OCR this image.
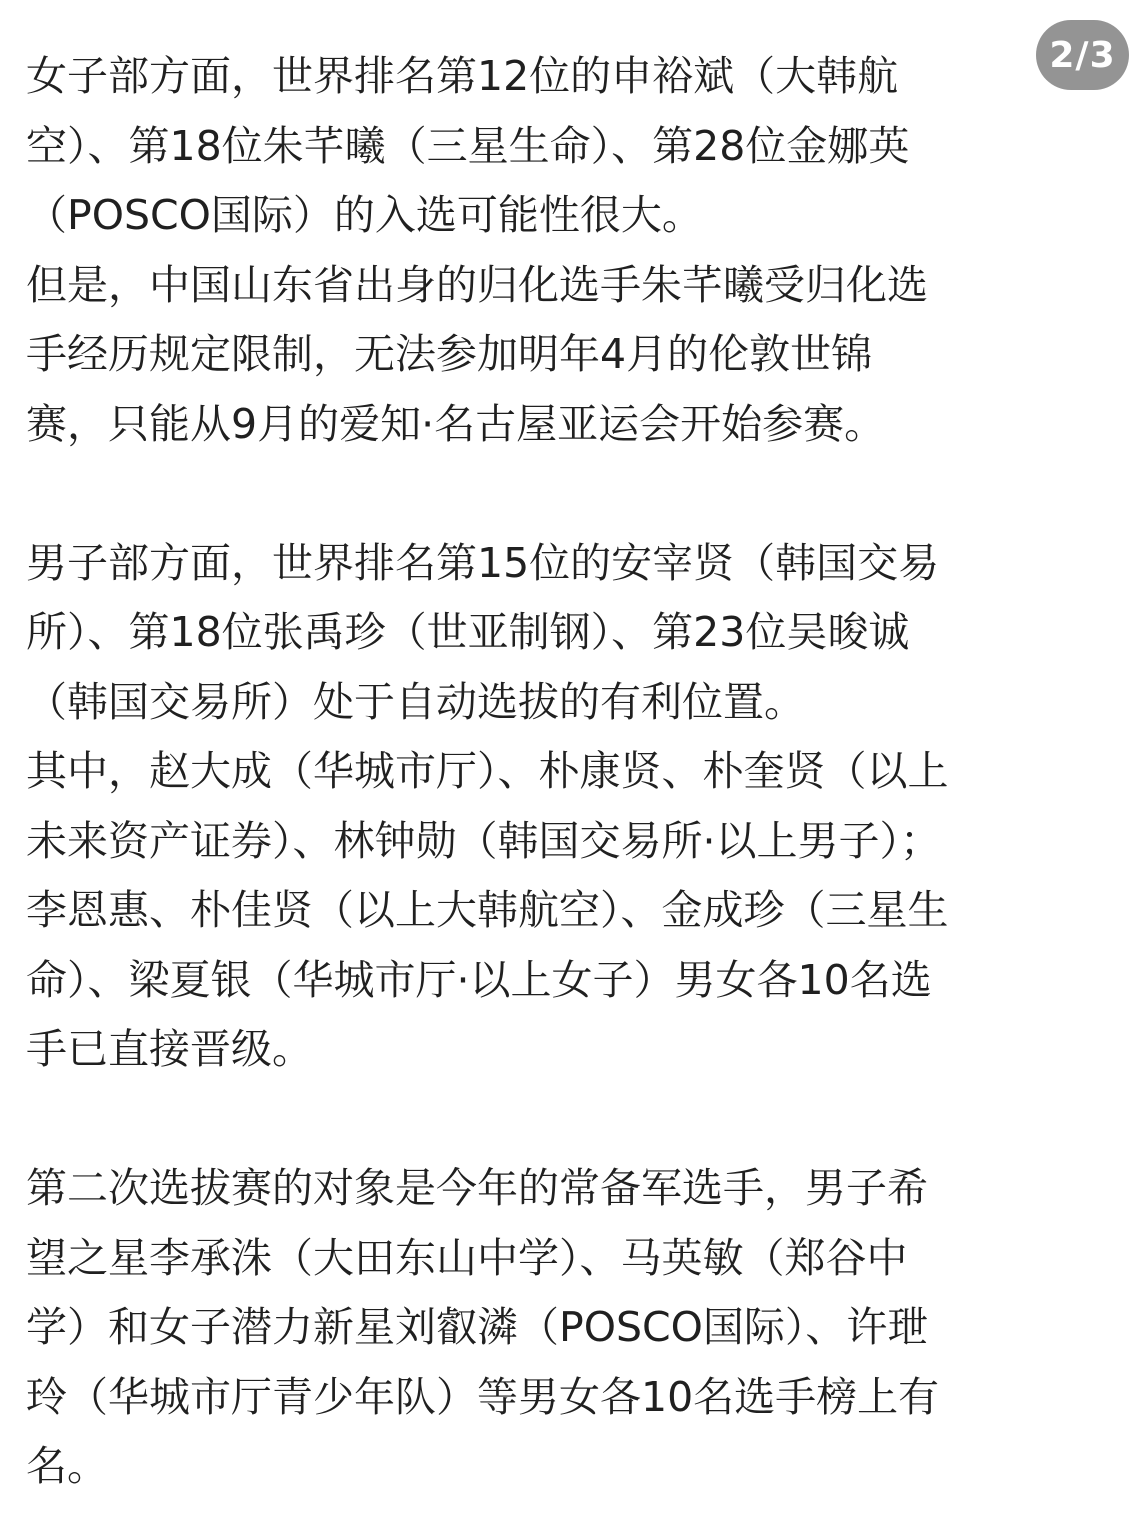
女子部方面，世界排名第12位的申裕斌（大韩航
空）、第18位朱芊曦（三星生命）、第28位金娜英
（POSCO国际）的入选可能性很大。
但是，中国山东省出身的归化选手朱芊曦受归化选
手经历规定限制，无法参加明年4月的伦敦世锦
赛，只能从9月的爱知·名古屋亚运会开始参赛。
男子部方面，世界排名第15位的安宰贤（韩国交易
所）、第18位张禹珍（世亚制钢）、第23位吴晙诚
（韩国交易所）处于自动选拔的有利位置。
其中，赵大成（华城市厅）、朴康贤、朴奎贤（以上
未来资产证券）、林钟勋（韩国交易所·以上男子）；
李恩惠、朴佳贤（以上大韩航空）、金成珍（三星生
命）、梁夏银（华城市厅·以上女子）男女各10名选
手已直接晋级。
第二次选拔赛的对象是今年的常备军选手，男子希
望之星李承洙（大田东山中学）、马英敏（郑谷中
学）和女子潜力新星刘叡潾（POSCO国际）、许玴
玲（华城市厅青少年队）等男女各10名选手榜上有
名。
2 / 3
